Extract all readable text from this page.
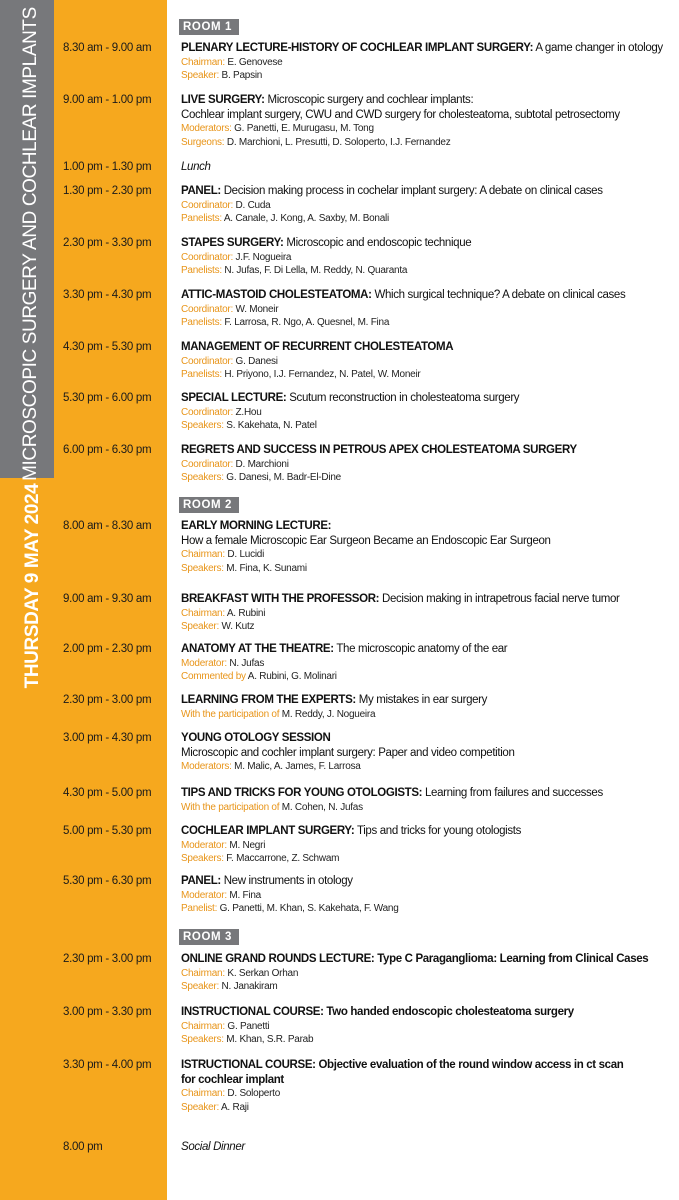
MICROSCOPIC SURGERY AND COCHLEAR IMPLANTS
THURSDAY 9 MAY 2024
ROOM 1
8.30 am - 9.00 am	PLENARY LECTURE-HISTORY OF COCHLEAR IMPLANT SURGERY: A game changer in otology
Chairman: E. Genovese
Speaker: B. Papsin
9.00 am - 1.00 pm	LIVE SURGERY: Microscopic surgery and cochlear implants:
Cochlear implant surgery, CWU and CWD surgery for cholesteatoma, subtotal petrosectomy
Moderators: G. Panetti, E. Murugasu, M. Tong
Surgeons: D. Marchioni, L. Presutti, D. Soloperto, I.J. Fernandez
1.00 pm - 1.30 pm	Lunch
1.30 pm - 2.30 pm	PANEL: Decision making process in cochelar implant surgery: A debate on clinical cases
Coordinator: D. Cuda
Panelists: A. Canale, J. Kong, A. Saxby, M. Bonali
2.30 pm - 3.30 pm	STAPES SURGERY: Microscopic and endoscopic technique
Coordinator: J.F. Nogueira
Panelists: N. Jufas, F. Di Lella, M. Reddy, N. Quaranta
3.30 pm - 4.30 pm	ATTIC-MASTOID CHOLESTEATOMA: Which surgical technique? A debate on clinical cases
Coordinator: W. Moneir
Panelists: F. Larrosa, R. Ngo, A. Quesnel, M. Fina
4.30 pm - 5.30 pm	MANAGEMENT OF RECURRENT CHOLESTEATOMA
Coordinator: G. Danesi
Panelists: H. Priyono, I.J. Fernandez, N. Patel, W. Moneir
5.30 pm - 6.00 pm	SPECIAL LECTURE: Scutum reconstruction in cholesteatoma surgery
Coordinator: Z.Hou
Speakers: S. Kakehata, N. Patel
6.00 pm - 6.30 pm	REGRETS AND SUCCESS IN PETROUS APEX CHOLESTEATOMA SURGERY
Coordinator: D. Marchioni
Speakers: G. Danesi, M. Badr-El-Dine
ROOM 2
8.00 am - 8.30 am	EARLY MORNING LECTURE:
How a female Microscopic Ear Surgeon Became an Endoscopic Ear Surgeon
Chairman: D. Lucidi
Speakers: M. Fina, K. Sunami
9.00 am - 9.30 am	BREAKFAST WITH THE PROFESSOR: Decision making in intrapetrous facial nerve tumor
Chairman: A. Rubini
Speaker: W. Kutz
2.00 pm - 2.30 pm	ANATOMY AT THE THEATRE: The microscopic anatomy of the ear
Moderator: N. Jufas
Commented by A. Rubini, G. Molinari
2.30 pm - 3.00 pm	LEARNING FROM THE EXPERTS: My mistakes in ear surgery
With the participation of M. Reddy, J. Nogueira
3.00 pm - 4.30 pm	YOUNG OTOLOGY SESSION
Microscopic and cochler implant surgery: Paper and video competition
Moderators: M. Malic, A. James, F. Larrosa
4.30 pm - 5.00 pm	TIPS AND TRICKS FOR YOUNG OTOLOGISTS: Learning from failures and successes
With the participation of M. Cohen, N. Jufas
5.00 pm - 5.30 pm	COCHLEAR IMPLANT SURGERY: Tips and tricks for young otologists
Moderator: M. Negri
Speakers: F. Maccarrone, Z. Schwam
5.30 pm - 6.30 pm	PANEL: New instruments in otology
Moderator: M. Fina
Panelist: G. Panetti, M. Khan, S. Kakehata, F. Wang
ROOM 3
2.30 pm - 3.00 pm	ONLINE GRAND ROUNDS LECTURE: Type C Paraganglioma: Learning from Clinical Cases
Chairman: K. Serkan Orhan
Speaker: N. Janakiram
3.00 pm - 3.30 pm	INSTRUCTIONAL COURSE: Two handed endoscopic cholesteatoma surgery
Chairman: G. Panetti
Speakers: M. Khan, S.R. Parab
3.30 pm - 4.00 pm	ISTRUCTIONAL COURSE: Objective evaluation of the round window access in ct scan
for cochlear implant
Chairman: D. Soloperto
Speaker: A. Raji
8.00 pm	Social Dinner
